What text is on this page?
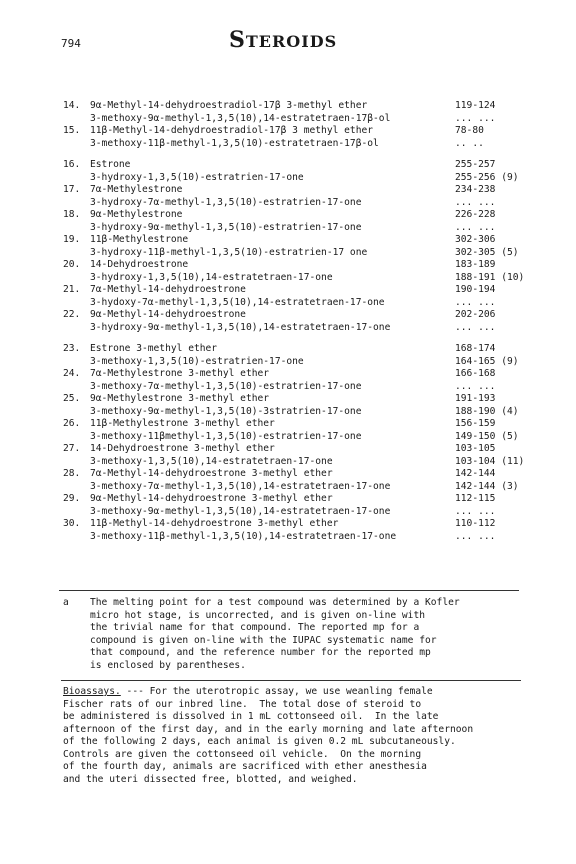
794	STEROIDS
14. 9α-Methyl-14-dehydroestradiol-17β 3-methyl ether	119-124
3-methoxy-9α-methyl-1,3,5(10),14-estratetraen-17β-ol	... ...
15. 11β-Methyl-14-dehydroestradiol-17β 3 methyl ether	78-80
3-methoxy-11β-methyl-1,3,5(10)-estratetraen-17β-ol	.. ..
16. Estrone	255-257
3-hydroxy-1,3,5(10)-estratrien-17-one	255-256 (9)
17. 7α-Methylestrone	234-238
3-hydroxy-7α-methyl-1,3,5(10)-estratrien-17-one	... ...
18. 9α-Methylestrone	226-228
3-hydroxy-9α-methyl-1,3,5(10)-estratrien-17-one	... ...
19. 11β-Methylestrone	302-306
3-hydroxy-11β-methyl-1,3,5(10)-estratrien-17 one	302-305 (5)
20. 14-Dehydroestrone	183-189
3-hydroxy-1,3,5(10),14-estratetraen-17-one	188-191 (10)
21. 7α-Methyl-14-dehydroestrone	190-194
3-hydoxy-7α-methyl-1,3,5(10),14-estratetraen-17-one	... ...
22. 9α-Methyl-14-dehydroestrone	202-206
3-hydroxy-9α-methyl-1,3,5(10),14-estratetraen-17-one	... ...
23. Estrone 3-methyl ether	168-174
3-methoxy-1,3,5(10)-estratrien-17-one	164-165 (9)
24. 7α-Methylestrone 3-methyl ether	166-168
3-methoxy-7α-methyl-1,3,5(10)-estratrien-17-one	... ...
25. 9α-Methylestrone 3-methyl ether	191-193
3-methoxy-9α-methyl-1,3,5(10)-3stratrien-17-one	188-190 (4)
26. 11β-Methylestrone 3-methyl ether	156-159
3-methoxy-11βmethyl-1,3,5(10)-estratrien-17-one	149-150 (5)
27. 14-Dehydroestrone 3-methyl ether	103-105
3-methoxy-1,3,5(10),14-estratetraen-17-one	103-104 (11)
28. 7α-Methyl-14-dehydroestrone 3-methyl ether	142-144
3-methoxy-7α-methyl-1,3,5(10),14-estratetraen-17-one	142-144 (3)
29. 9α-Methyl-14-dehydroestrone 3-methyl ether	112-115
3-methoxy-9α-methyl-1,3,5(10),14-estratetraen-17-one	... ...
30. 11β-Methyl-14-dehydroestrone 3-methyl ether	110-112
3-methoxy-11β-methyl-1,3,5(10),14-estratetraen-17-one	... ...
a The melting point for a test compound was determined by a Kofler
micro hot stage, is uncorrected, and is given on-line with
the trivial name for that compound. The reported mp for a
compound is given on-line with the IUPAC systematic name for
that compound, and the reference number for the reported mp
is enclosed by parentheses.
Bioassays. --- For the uterotropic assay, we use weanling female
Fischer rats of our inbred line.  The total dose of steroid to
be administered is dissolved in 1 mL cottonseed oil.  In the late
afternoon of the first day, and in the early morning and late afternoon
of the following 2 days, each animal is given 0.2 mL subcutaneously.
Controls are given the cottonseed oil vehicle.  On the morning
of the fourth day, animals are sacrificed with ether anesthesia
and the uteri dissected free, blotted, and weighed.
